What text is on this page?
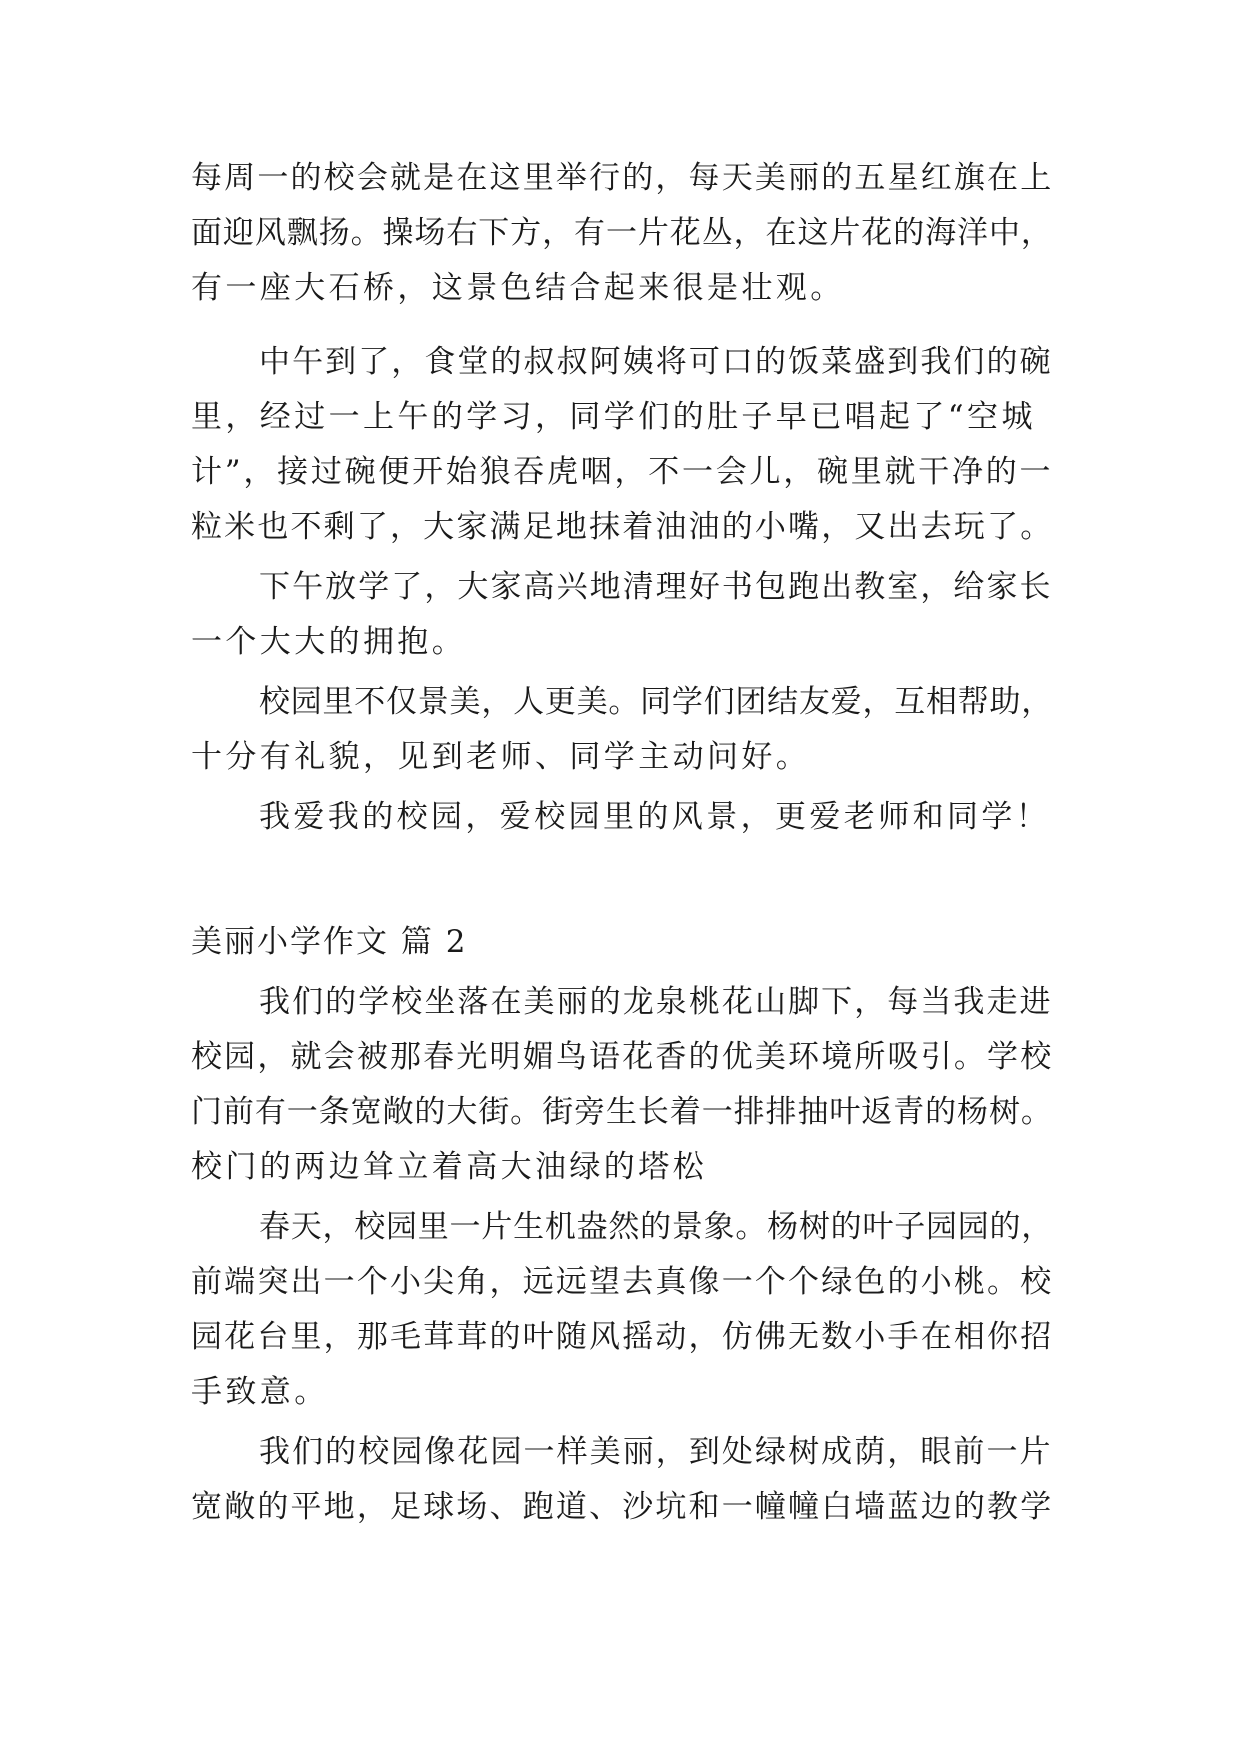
每周一的校会就是在这里举行的，每天美丽的五星红旗在上
面迎风飘扬。操场右下方，有一片花丛，在这片花的海洋中，
有一座大石桥，这景色结合起来很是壮观。
中午到了，食堂的叔叔阿姨将可口的饭菜盛到我们的碗
里，经过一上午的学习，同学们的肚子早已唱起了“空城
计”，接过碗便开始狼吞虎咽，不一会儿，碗里就干净的一
粒米也不剩了，大家满足地抹着油油的小嘴，又出去玩了。
下午放学了，大家高兴地清理好书包跑出教室，给家长
一个大大的拥抱。
校园里不仅景美，人更美。同学们团结友爱，互相帮助，
十分有礼貌，见到老师、同学主动问好。
我爱我的校园，爱校园里的风景，更爱老师和同学！
美丽小学作文 篇 2
我们的学校坐落在美丽的龙泉桃花山脚下，每当我走进
校园，就会被那春光明媚鸟语花香的优美环境所吸引。学校
门前有一条宽敞的大街。街旁生长着一排排抽叶返青的杨树。
校门的两边耸立着高大油绿的塔松
春天，校园里一片生机盎然的景象。杨树的叶子园园的，
前端突出一个小尖角，远远望去真像一个个绿色的小桃。校
园花台里，那毛茸茸的叶随风摇动，仿佛无数小手在相你招
手致意。
我们的校园像花园一样美丽，到处绿树成荫，眼前一片
宽敞的平地，足球场、跑道、沙坑和一幢幢白墙蓝边的教学
